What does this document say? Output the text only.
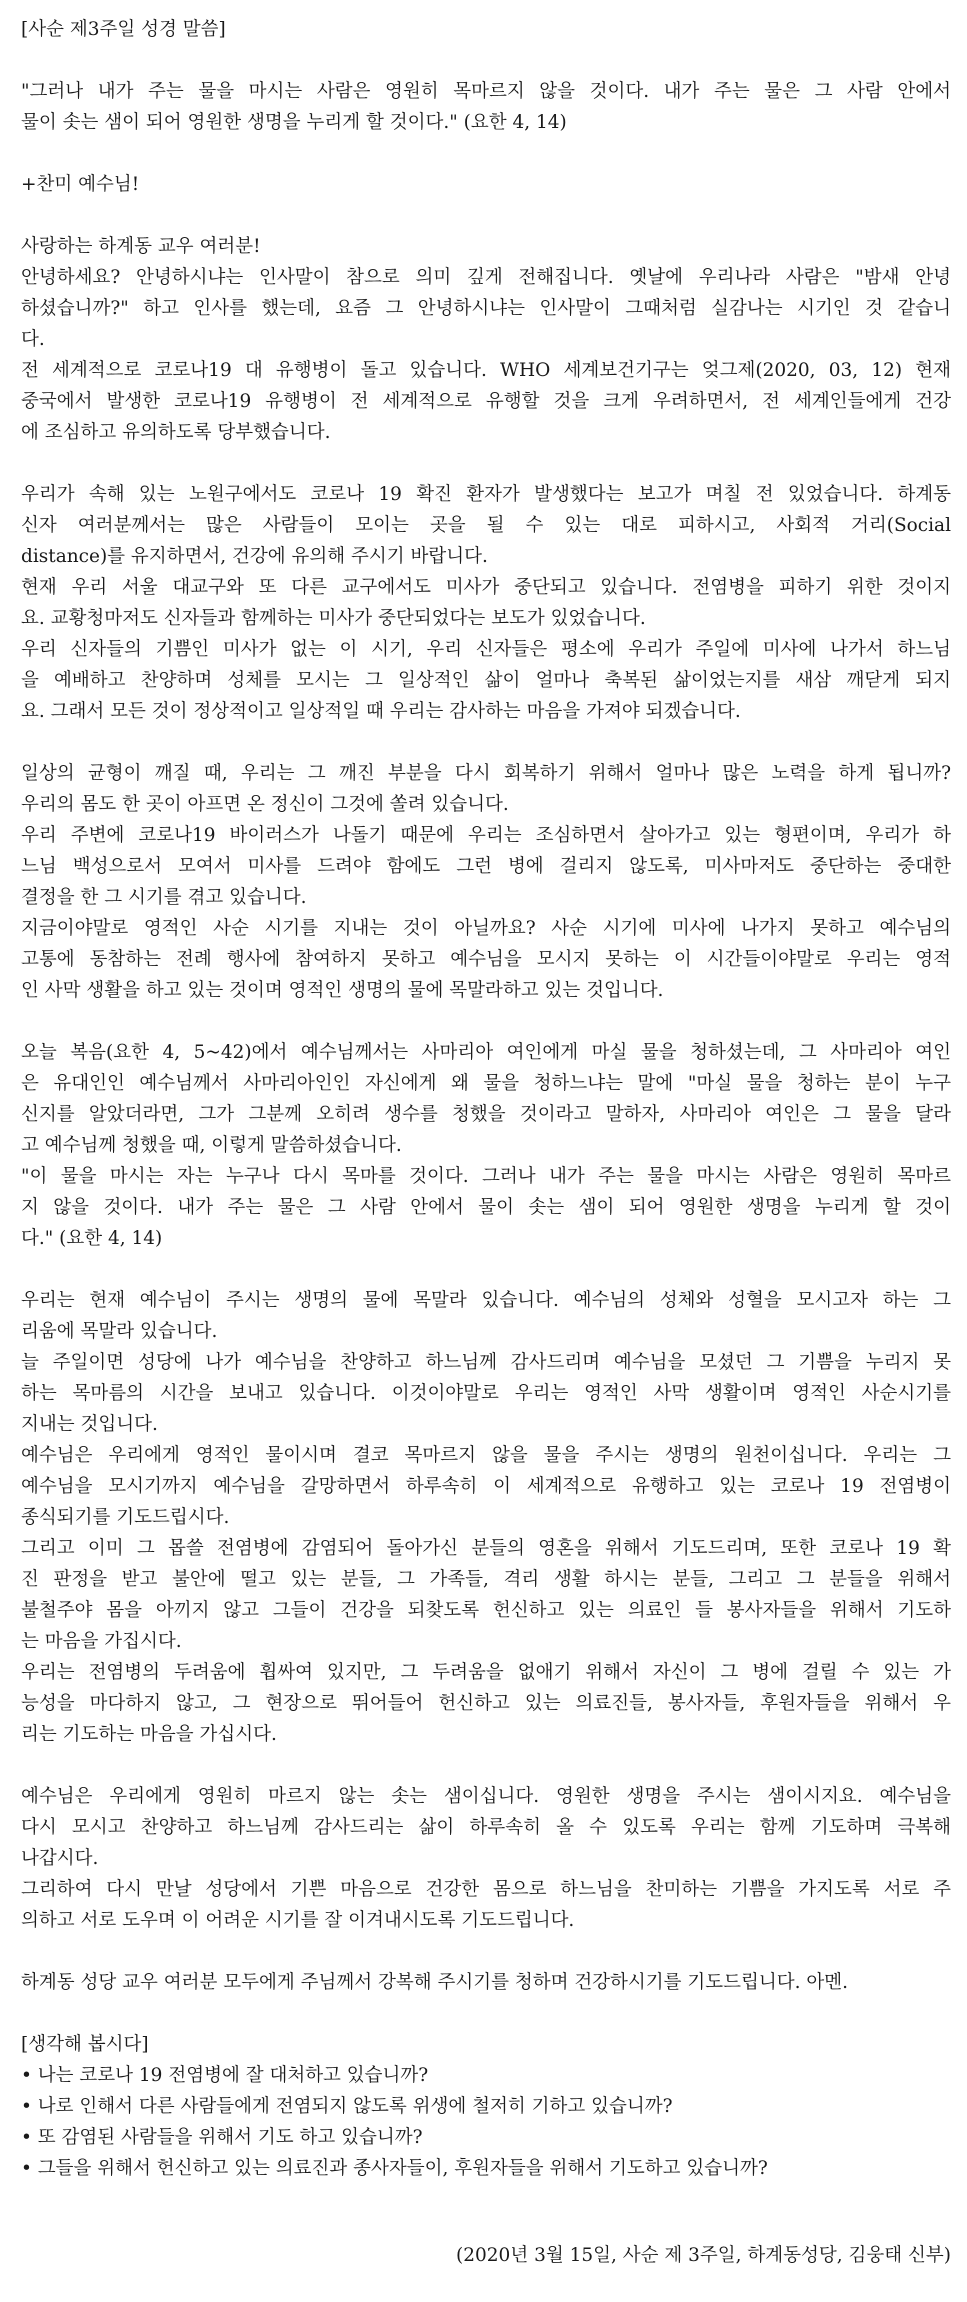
[사순 제3주일 성경 말씀]
"그러나 내가 주는 물을 마시는 사람은 영원히 목마르지 않을 것이다. 내가 주는 물은 그 사람 안에서
물이 솟는 샘이 되어 영원한 생명을 누리게 할 것이다." (요한 4, 14)
+찬미 예수님!
사랑하는 하계동 교우 여러분!
안녕하세요? 안녕하시냐는 인사말이 참으로 의미 깊게 전해집니다. 옛날에 우리나라 사람은 "밤새 안녕
하셨습니까?" 하고 인사를 했는데, 요즘 그 안녕하시냐는 인사말이 그때처럼 실감나는 시기인 것 같습니
다.
전 세계적으로 코로나19 대 유행병이 돌고 있습니다. WHO 세계보건기구는 엊그제(2020, 03, 12) 현재
중국에서 발생한 코로나19 유행병이 전 세계적으로 유행할 것을 크게 우려하면서, 전 세계인들에게 건강
에 조심하고 유의하도록 당부했습니다.
우리가 속해 있는 노원구에서도 코로나 19 확진 환자가 발생했다는 보고가 며칠 전 있었습니다. 하계동
신자 여러분께서는 많은 사람들이 모이는 곳을 될 수 있는 대로 피하시고, 사회적 거리(Social
distance)를 유지하면서, 건강에 유의해 주시기 바랍니다.
현재 우리 서울 대교구와 또 다른 교구에서도 미사가 중단되고 있습니다. 전염병을 피하기 위한 것이지
요. 교황청마저도 신자들과 함께하는 미사가 중단되었다는 보도가 있었습니다.
우리 신자들의 기쁨인 미사가 없는 이 시기, 우리 신자들은 평소에 우리가 주일에 미사에 나가서 하느님
을 예배하고 찬양하며 성체를 모시는 그 일상적인 삶이 얼마나 축복된 삶이었는지를 새삼 깨닫게 되지
요. 그래서 모든 것이 정상적이고 일상적일 때 우리는 감사하는 마음을 가져야 되겠습니다.
일상의 균형이 깨질 때, 우리는 그 깨진 부분을 다시 회복하기 위해서 얼마나 많은 노력을 하게 됩니까?
우리의 몸도 한 곳이 아프면 온 정신이 그것에 쏠려 있습니다.
우리 주변에 코로나19 바이러스가 나돌기 때문에 우리는 조심하면서 살아가고 있는 형편이며, 우리가 하
느님 백성으로서 모여서 미사를 드려야 함에도 그런 병에 걸리지 않도록, 미사마저도 중단하는 중대한
결정을 한 그 시기를 겪고 있습니다.
지금이야말로 영적인 사순 시기를 지내는 것이 아닐까요? 사순 시기에 미사에 나가지 못하고 예수님의
고통에 동참하는 전례 행사에 참여하지 못하고 예수님을 모시지 못하는 이 시간들이야말로 우리는 영적
인 사막 생활을 하고 있는 것이며 영적인 생명의 물에 목말라하고 있는 것입니다.
오늘 복음(요한 4, 5~42)에서 예수님께서는 사마리아 여인에게 마실 물을 청하셨는데, 그 사마리아 여인
은 유대인인 예수님께서 사마리아인인 자신에게 왜 물을 청하느냐는 말에 "마실 물을 청하는 분이 누구
신지를 알았더라면, 그가 그분께 오히려 생수를 청했을 것이라고 말하자, 사마리아 여인은 그 물을 달라
고 예수님께 청했을 때, 이렇게 말씀하셨습니다.
"이 물을 마시는 자는 누구나 다시 목마를 것이다. 그러나 내가 주는 물을 마시는 사람은 영원히 목마르
지 않을 것이다. 내가 주는 물은 그 사람 안에서 물이 솟는 샘이 되어 영원한 생명을 누리게 할 것이
다." (요한 4, 14)
우리는 현재 예수님이 주시는 생명의 물에 목말라 있습니다. 예수님의 성체와 성혈을 모시고자 하는 그
리움에 목말라 있습니다.
늘 주일이면 성당에 나가 예수님을 찬양하고 하느님께 감사드리며 예수님을 모셨던 그 기쁨을 누리지 못
하는 목마름의 시간을 보내고 있습니다. 이것이야말로 우리는 영적인 사막 생활이며 영적인 사순시기를
지내는 것입니다.
예수님은 우리에게 영적인 물이시며 결코 목마르지 않을 물을 주시는 생명의 원천이십니다. 우리는 그
예수님을 모시기까지 예수님을 갈망하면서 하루속히 이 세계적으로 유행하고 있는 코로나 19 전염병이
종식되기를 기도드립시다.
그리고 이미 그 몹쓸 전염병에 감염되어 돌아가신 분들의 영혼을 위해서 기도드리며, 또한 코로나 19 확
진 판정을 받고 불안에 떨고 있는 분들, 그 가족들, 격리 생활 하시는 분들, 그리고 그 분들을 위해서
불철주야 몸을 아끼지 않고 그들이 건강을 되찾도록 헌신하고 있는 의료인 들 봉사자들을 위해서 기도하
는 마음을 가집시다.
우리는 전염병의 두려움에 휩싸여 있지만, 그 두려움을 없애기 위해서 자신이 그 병에 걸릴 수 있는 가
능성을 마다하지 않고, 그 현장으로 뛰어들어 헌신하고 있는 의료진들, 봉사자들, 후원자들을 위해서 우
리는 기도하는 마음을 가십시다.
예수님은 우리에게 영원히 마르지 않는 솟는 샘이십니다. 영원한 생명을 주시는 샘이시지요. 예수님을
다시 모시고 찬양하고 하느님께 감사드리는 삶이 하루속히 올 수 있도록 우리는 함께 기도하며 극복해
나갑시다.
그리하여 다시 만날 성당에서 기쁜 마음으로 건강한 몸으로 하느님을 찬미하는 기쁨을 가지도록 서로 주
의하고 서로 도우며 이 어려운 시기를 잘 이겨내시도록 기도드립니다.
하계동 성당 교우 여러분 모두에게 주님께서 강복해 주시기를 청하며 건강하시기를 기도드립니다. 아멘.
[생각해 봅시다]
• 나는 코로나 19 전염병에 잘 대처하고 있습니까?
• 나로 인해서 다른 사람들에게 전염되지 않도록 위생에 철저히 기하고 있습니까?
• 또 감염된 사람들을 위해서 기도 하고 있습니까?
• 그들을 위해서 헌신하고 있는 의료진과 종사자들이, 후원자들을 위해서 기도하고 있습니까?
(2020년 3월 15일, 사순 제 3주일, 하계동성당, 김웅태 신부)
